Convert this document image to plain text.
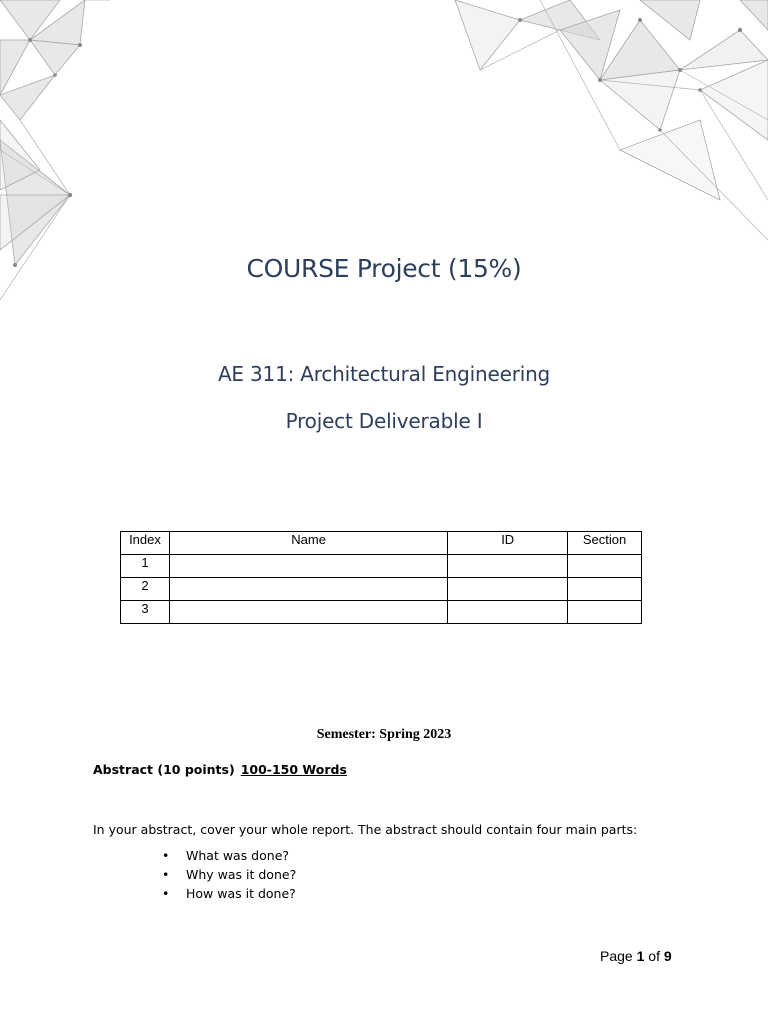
COURSE Project (15%)
AE 311: Architectural Engineering
Project Deliverable I
Index	Name	ID	Section
1			
2			
3			
Semester: Spring 2023
Abstract (10 points) 100-150 Words
In your abstract, cover your whole report. The abstract should contain four main parts:
• What was done?
• Why was it done?
• How was it done?
Page 1 of 9
